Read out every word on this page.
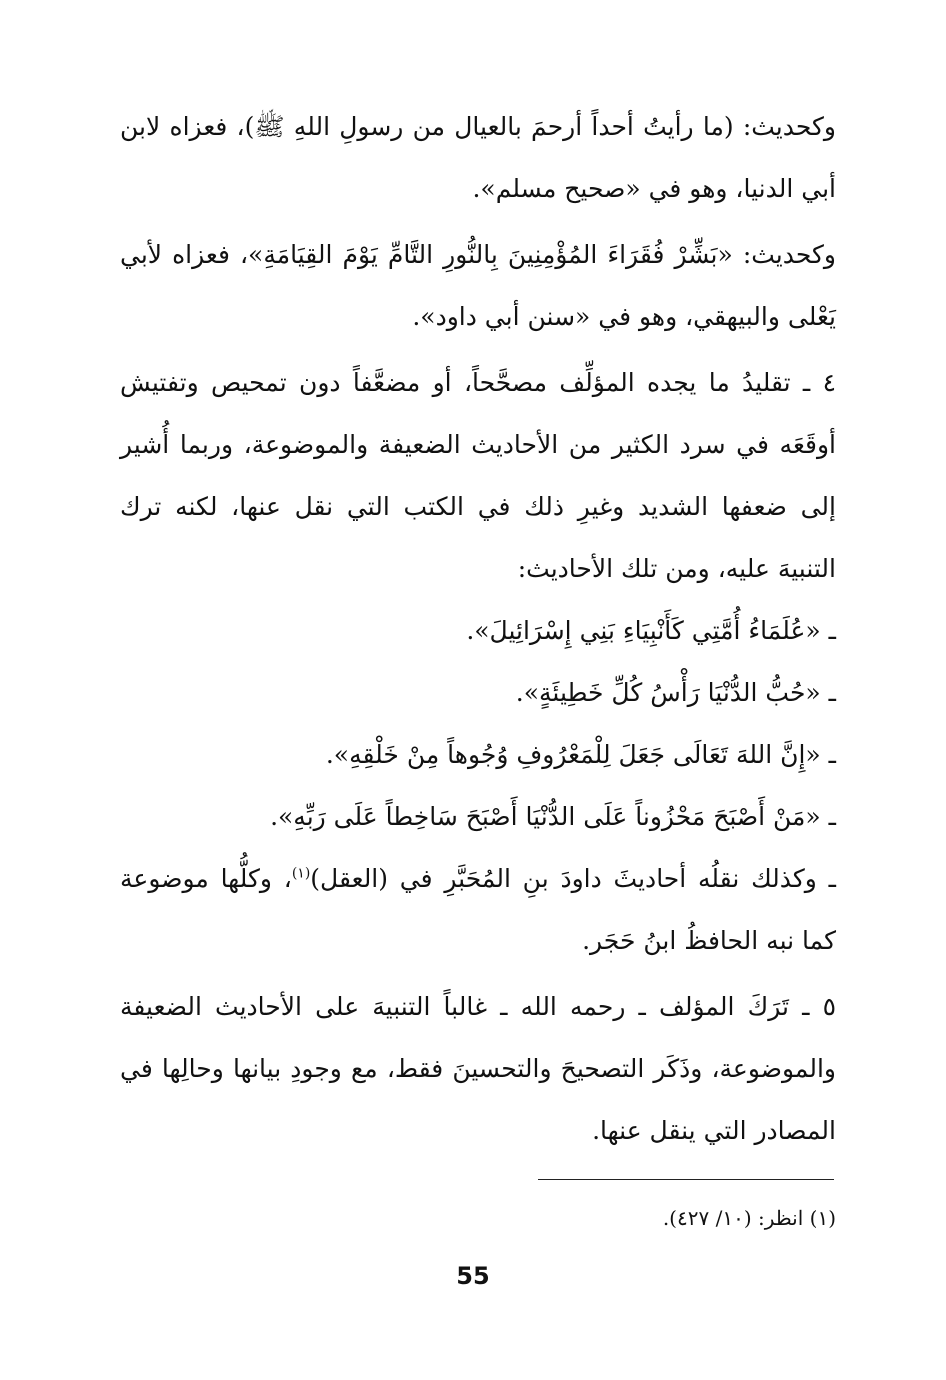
وكحديث: (ما رأيتُ أحداً أرحمَ بالعيال من رسولِ اللهِ ﷺ)، فعزاه لابن أبي الدنيا، وهو في «صحيح مسلم».

وكحديث: «بَشِّرْ فُقَرَاءَ المُؤْمِنِينَ بِالنُّورِ التَّامِّ يَوْمَ القِيَامَةِ»، فعزاه لأبي يَعْلى والبيهقي، وهو في «سنن أبي داود».

٤ ـ تقليدُ ما يجده المؤلِّف مصحَّحاً، أو مضعَّفاً دون تمحيص وتفتيش أوقَعَه في سرد الكثير من الأحاديث الضعيفة والموضوعة، وربما أُشير إلى ضعفها الشديد وغيرِ ذلك في الكتب التي نقل عنها، لكنه ترك التنبيهَ عليه، ومن تلك الأحاديث:

ـ «عُلَمَاءُ أُمَّتِي كَأَنْبِيَاءِ بَنِي إِسْرَائِيلَ».

ـ «حُبُّ الدُّنْيَا رَأْسُ كُلِّ خَطِيئَةٍ».

ـ «إِنَّ اللهَ تَعَالَى جَعَلَ لِلْمَعْرُوفِ وُجُوهاً مِنْ خَلْقِهِ».

ـ «مَنْ أَصْبَحَ مَحْزُوناً عَلَى الدُّنْيَا أَصْبَحَ سَاخِطاً عَلَى رَبِّهِ».

ـ وكذلك نقلُه أحاديثَ داودَ بنِ المُحَبَّرِ في (العقل)$^{(١)}$، وكلُّها موضوعة كما نبه الحافظُ ابنُ حَجَر.

٥ ـ تَرَكَ المؤلف ـ رحمه الله ـ غالباً التنبيهَ على الأحاديث الضعيفة والموضوعة، وذَكَر التصحيحَ والتحسينَ فقط، مع وجودِ بيانها وحالِها في المصادر التي ينقل عنها.

(١) انظر: (١٠/ ٤٢٧).
55
